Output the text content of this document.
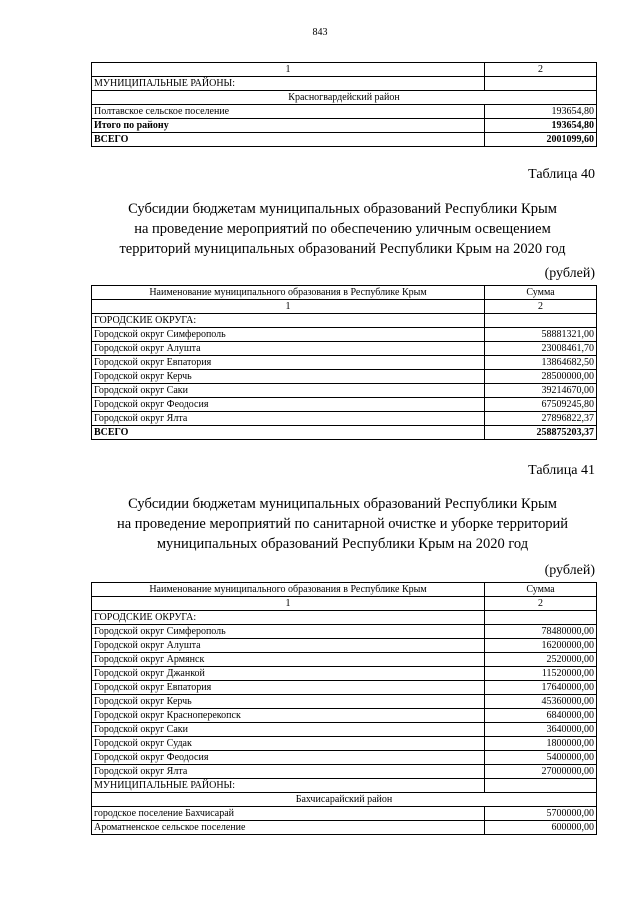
843
1	2
МУНИЦИПАЛЬНЫЕ РАЙОНЫ:	
Красногвардейский район	
Полтавское сельское поселение	193654,80
Итого по району	193654,80
ВСЕГО	2001099,60
Таблица 40
Субсидии бюджетам муниципальных образований Республики Крым
на проведение мероприятий по обеспечению уличным освещением
территорий муниципальных образований Республики Крым на 2020 год
(рублей)
Наименование муниципального образования в Республике Крым	Сумма
1	2
ГОРОДСКИЕ ОКРУГА:	
Городской округ Симферополь	58881321,00
Городской округ Алушта	23008461,70
Городской округ Евпатория	13864682,50
Городской округ Керчь	28500000,00
Городской округ Саки	39214670,00
Городской округ Феодосия	67509245,80
Городской округ Ялта	27896822,37
ВСЕГО	258875203,37
Таблица 41
Субсидии бюджетам муниципальных образований Республики Крым
на проведение мероприятий по санитарной очистке и уборке территорий
муниципальных образований Республики Крым на 2020 год
(рублей)
Наименование муниципального образования в Республике Крым	Сумма
1	2
ГОРОДСКИЕ ОКРУГА:	
Городской округ Симферополь	78480000,00
Городской округ Алушта	16200000,00
Городской округ Армянск	2520000,00
Городской округ Джанкой	11520000,00
Городской округ Евпатория	17640000,00
Городской округ Керчь	45360000,00
Городской округ Красноперекопск	6840000,00
Городской округ Саки	3640000,00
Городской округ Судак	1800000,00
Городской округ Феодосия	5400000,00
Городской округ Ялта	27000000,00
МУНИЦИПАЛЬНЫЕ РАЙОНЫ:	
Бахчисарайский район	
городское поселение Бахчисарай	5700000,00
Ароматненское сельское поселение	600000,00
